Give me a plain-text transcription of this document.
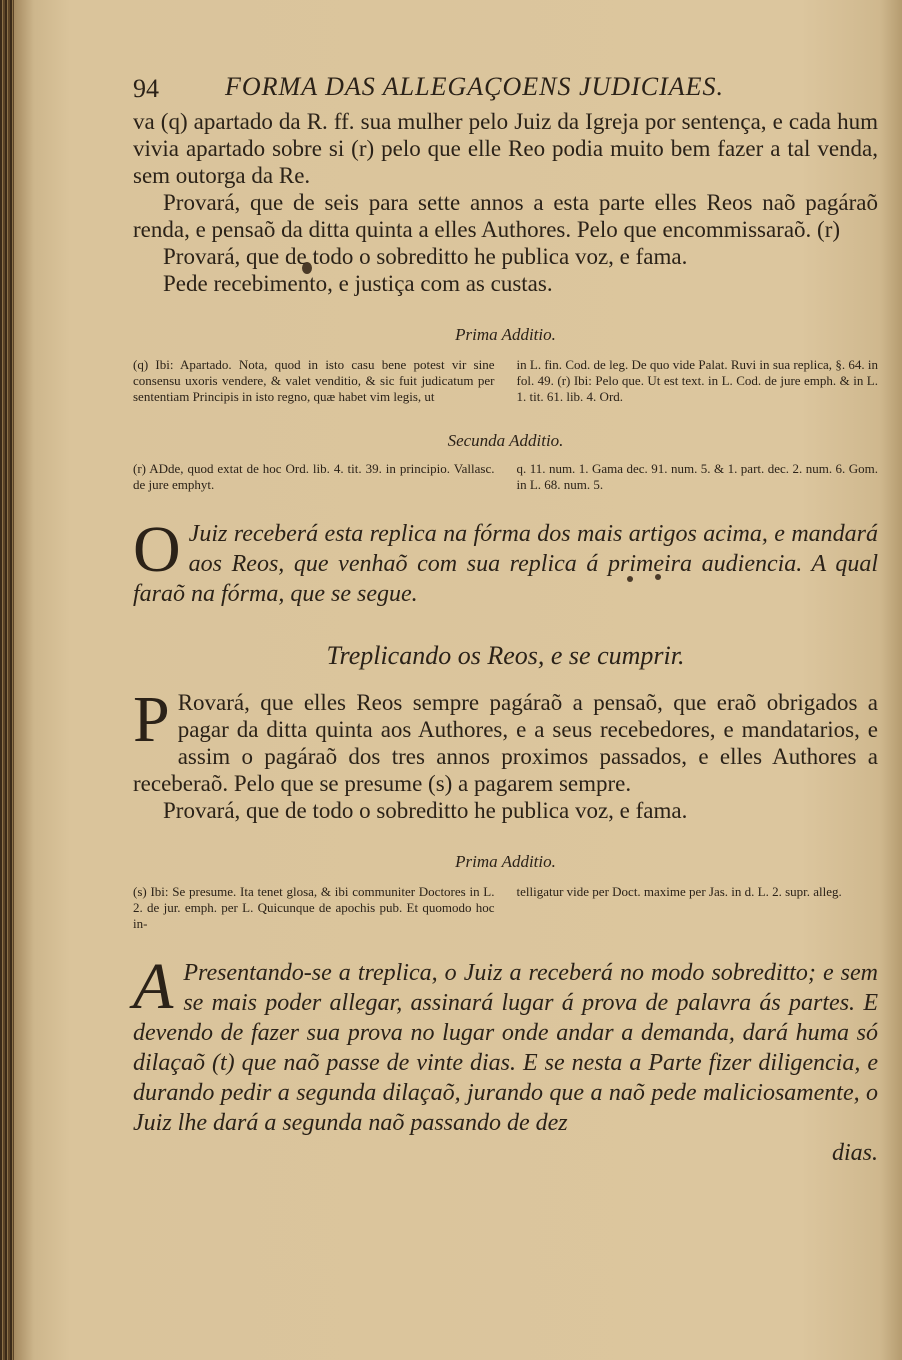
94	FORMA DAS ALLEGAÇOENS JUDICIAES.

va (q) apartado da R. ff. sua mulher pelo Juiz da Igreja por sentença, e cada hum vivia apartado sobre si (r) pelo que elle Reo podia muito bem fazer a tal venda, sem outorga da Re.

Provará, que de seis para sette annos a esta parte elles Reos naõ pagáraõ renda, e pensaõ da ditta quinta a elles Authores. Pelo que encommissaraõ. (r)

Provará, que de todo o sobreditto he publica voz, e fama.

Pede recebimento, e justiça com as custas.

Prima Additio.

(q) Ibi: Apartado. Nota, quod in isto casu bene potest vir sine consensu uxoris vendere, & valet venditio, & sic fuit judicatum per sententiam Principis in isto regno, quæ habet vim legis, ut
in L. fin. Cod. de leg. De quo vide Palat. Ruvi in sua replica, §. 64. in fol. 49. (r) Ibi: Pelo que. Ut est text. in L. Cod. de jure emph. & in L. 1. tit. 61. lib. 4. Ord.

Secunda Additio.

(r) ADde, quod extat de hoc Ord. lib. 4. tit. 39. in principio. Vallasc. de jure emphyt.
q. 11. num. 1. Gama dec. 91. num. 5. & 1. part. dec. 2. num. 6. Gom. in L. 68. num. 5.
O Juiz receberá esta replica na fórma dos mais artigos acima, e mandará aos Reos, que venhaõ com sua replica á primeira audiencia. A qual faraõ na fórma, que se segue.

Treplicando os Reos, e se cumprir.

P Rovará, que elles Reos sempre pagáraõ a pensaõ, que eraõ obrigados a pagar da ditta quinta aos Authores, e a seus recebedores, e mandatarios, e assim o pagáraõ dos tres annos proximos passados, e elles Authores a receberaõ. Pelo que se presume (s) a pagarem sempre.

Provará, que de todo o sobreditto he publica voz, e fama.

Prima Additio.

(s) Ibi: Se presume. Ita tenet glosa, & ibi communiter Doctores in L. 2. de jur. emph. per L. Quicunque de apochis pub. Et quomodo hoc in-
telligatur vide per Doct. maxime per Jas. in d. L. 2. supr. alleg.
A Presentando-se a treplica, o Juiz a receberá no modo sobreditto; e sem se mais poder allegar, assinará lugar á prova de palavra ás partes. E devendo de fazer sua prova no lugar onde andar a demanda, dará huma só dilaçaõ (t) que naõ passe de vinte dias. E se nesta a Parte fizer diligencia, e durando pedir a segunda dilaçaõ, jurando que a naõ pede maliciosamente, o Juiz lhe dará a segunda naõ passando de dez
dias.
